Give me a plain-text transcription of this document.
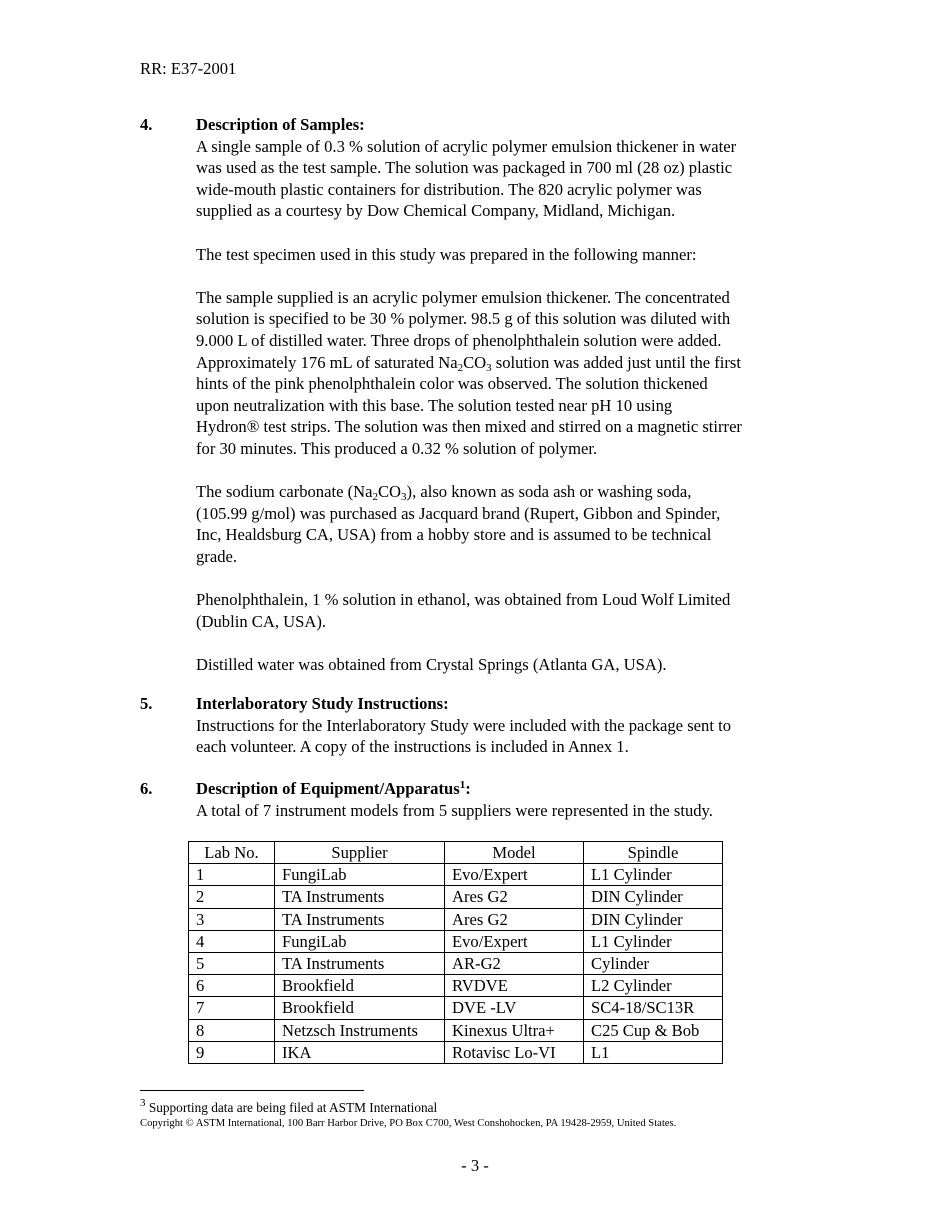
RR: E37-2001
4.	Description of Samples:

A single sample of 0.3 % solution of acrylic polymer emulsion thickener in water
was used as the test sample. The solution was packaged in 700 ml (28 oz) plastic
wide-mouth plastic containers for distribution. The 820 acrylic polymer was
supplied as a courtesy by Dow Chemical Company, Midland, Michigan.

The test specimen used in this study was prepared in the following manner:

The sample supplied is an acrylic polymer emulsion thickener. The concentrated
solution is specified to be 30 % polymer. 98.5 g of this solution was diluted with
9.000 L of distilled water. Three drops of phenolphthalein solution were added.
Approximately 176 mL of saturated $Na_2CO_3$ solution was added just until the first
hints of the pink phenolphthalein color was observed. The solution thickened
upon neutralization with this base. The solution tested near pH 10 using
Hydron® test strips. The solution was then mixed and stirred on a magnetic stirrer
for 30 minutes. This produced a 0.32 % solution of polymer.

The sodium carbonate $(Na_2CO_3)$, also known as soda ash or washing soda,
(105.99 g/mol) was purchased as Jacquard brand (Rupert, Gibbon and Spinder,
Inc, Healdsburg CA, USA) from a hobby store and is assumed to be technical
grade.

Phenolphthalein, 1 % solution in ethanol, was obtained from Loud Wolf Limited
(Dublin CA, USA).

Distilled water was obtained from Crystal Springs (Atlanta GA, USA).

5.	Interlaboratory Study Instructions:

Instructions for the Interlaboratory Study were included with the package sent to
each volunteer. A copy of the instructions is included in Annex 1.

6.	Description of Equipment/Apparatus$^1$:

A total of 7 instrument models from 5 suppliers were represented in the study.

Lab No.	Supplier	Model	Spindle
1	FungiLab	Evo/Expert	L1 Cylinder
2	TA Instruments	Ares G2	DIN Cylinder
3	TA Instruments	Ares G2	DIN Cylinder
4	FungiLab	Evo/Expert	L1 Cylinder
5	TA Instruments	AR-G2	Cylinder
6	Brookfield	RVDVE	L2 Cylinder
7	Brookfield	DVE -LV	SC4-18/SC13R
8	Netzsch Instruments	Kinexus Ultra+	C25 Cup & Bob
9	IKA	Rotavisc Lo-VI	L1
$^3$ Supporting data are being filed at ASTM International
Copyright © ASTM International, 100 Barr Harbor Drive, PO Box C700, West Conshohocken, PA 19428-2959, United States.
- 3 -
